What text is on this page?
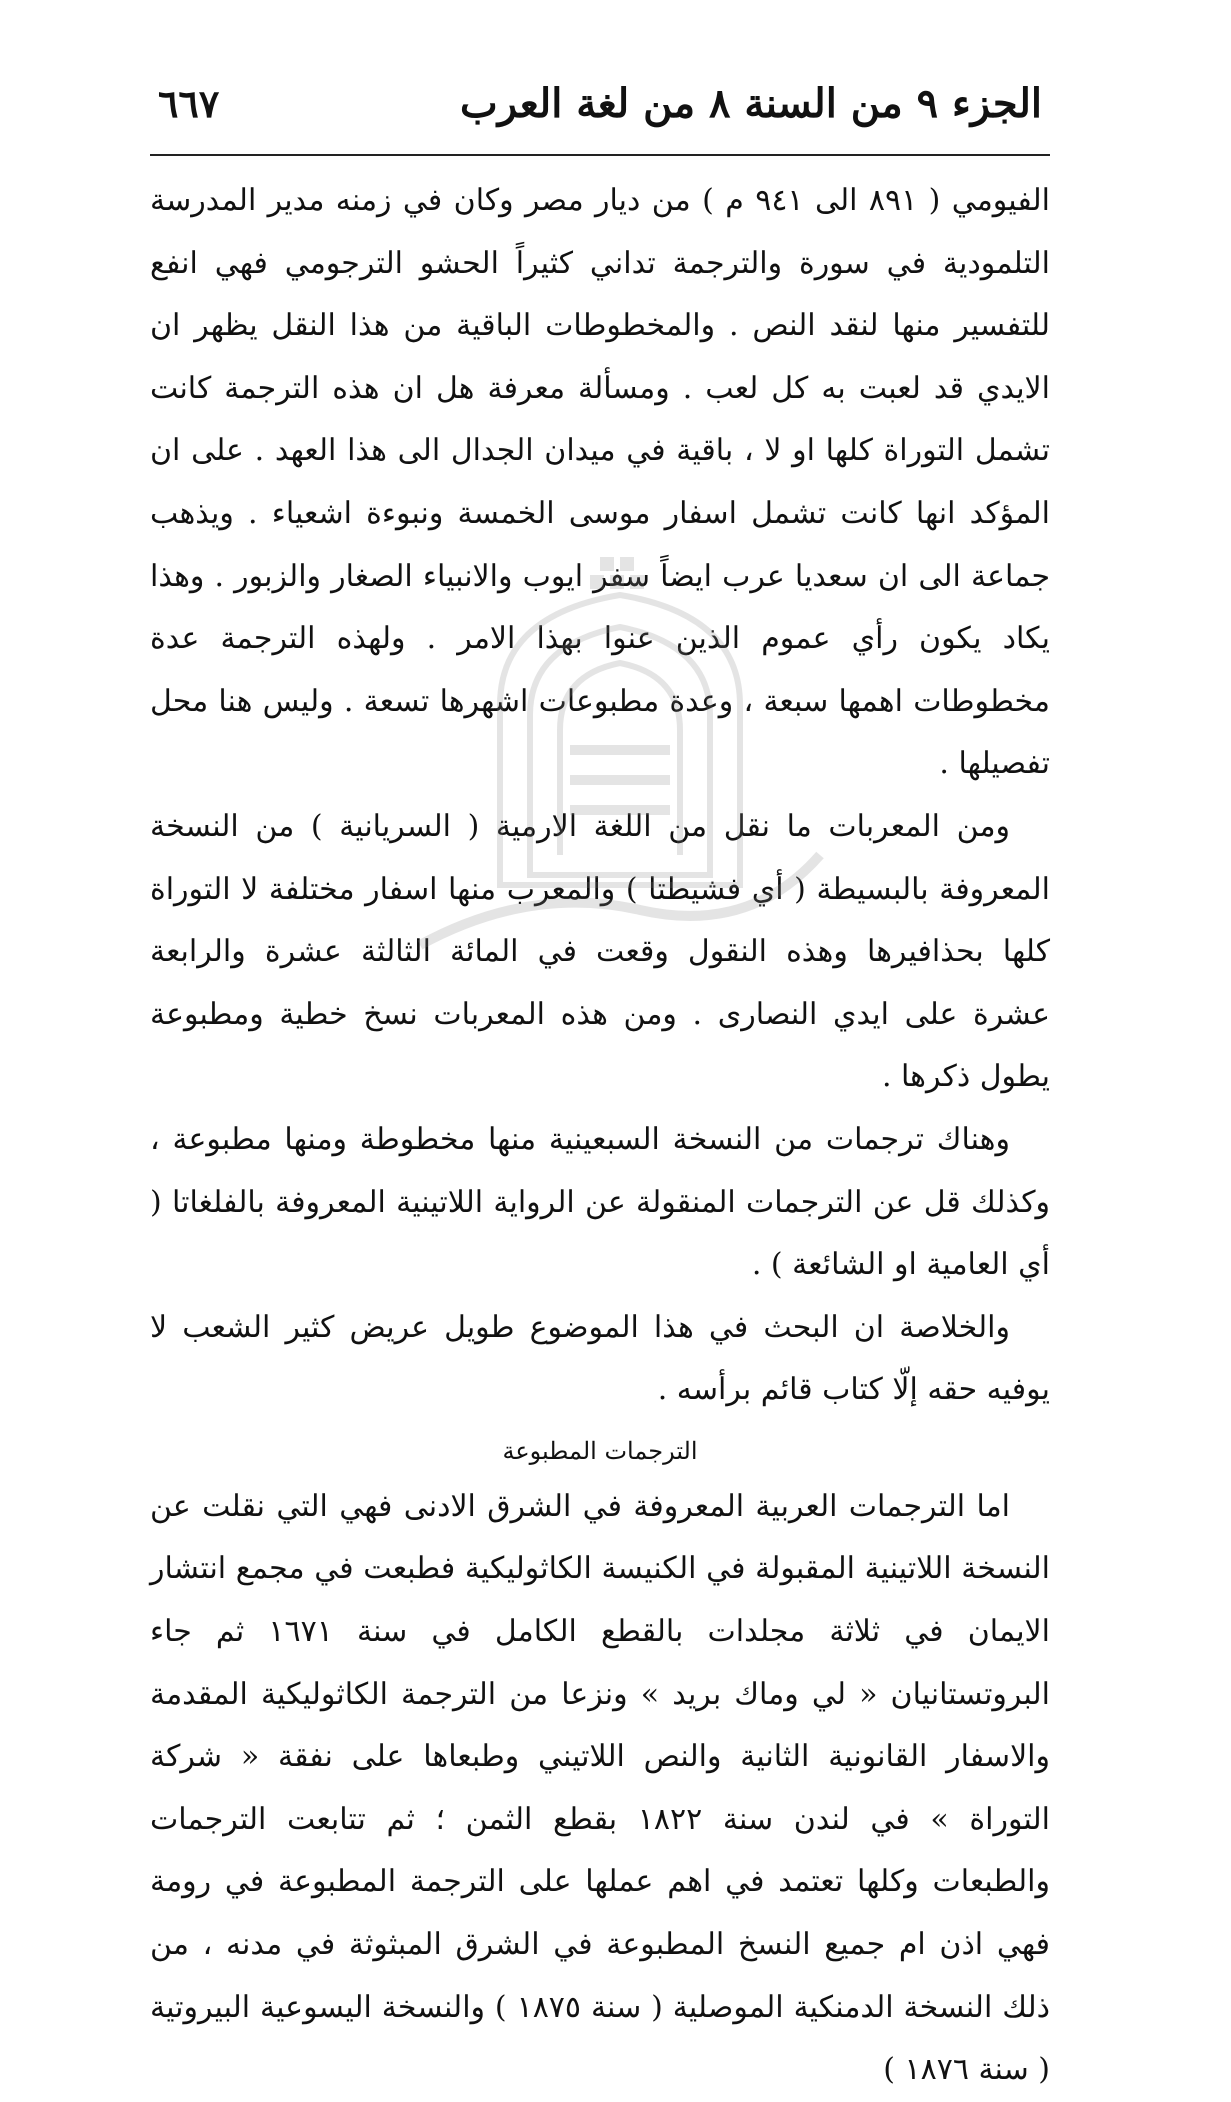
الجزء ٩ من السنة ٨ من لغة العرب
٦٦٧

الفيومي ( ٨٩١ الى ٩٤١ م ) من ديار مصر وكان في زمنه مدير المدرسة التلمودية في سورة والترجمة تداني كثيراً الحشو الترجومي فهي انفع للتفسير منها لنقد النص . والمخطوطات الباقية من هذا النقل يظهر ان الايدي قد لعبت به كل لعب . ومسألة معرفة هل ان هذه الترجمة كانت تشمل التوراة كلها او لا ، باقية في ميدان الجدال الى هذا العهد . على ان المؤكد انها كانت تشمل اسفار موسى الخمسة ونبوءة اشعياء . ويذهب جماعة الى ان سعديا عرب ايضاً سفر ايوب والانبياء الصغار والزبور . وهذا يكاد يكون رأي عموم الذين عنوا بهذا الامر . ولهذه الترجمة عدة مخطوطات اهمها سبعة ، وعدة مطبوعات اشهرها تسعة . وليس هنا محل تفصيلها .

ومن المعربات ما نقل من اللغة الارمية ( السريانية ) من النسخة المعروفة بالبسيطة ( أي فشيطتا ) والمعرب منها اسفار مختلفة لا التوراة كلها بحذافيرها وهذه النقول وقعت في المائة الثالثة عشرة والرابعة عشرة على ايدي النصارى . ومن هذه المعربات نسخ خطية ومطبوعة يطول ذكرها .

وهناك ترجمات من النسخة السبعينية منها مخطوطة ومنها مطبوعة ، وكذلك قل عن الترجمات المنقولة عن الرواية اللاتينية المعروفة بالفلغاتا ( أي العامية او الشائعة ) .

والخلاصة ان البحث في هذا الموضوع طويل عريض كثير الشعب لا يوفيه حقه إلّا كتاب قائم برأسه .

الترجمات المطبوعة

اما الترجمات العربية المعروفة في الشرق الادنى فهي التي نقلت عن النسخة اللاتينية المقبولة في الكنيسة الكاثوليكية فطبعت في مجمع انتشار الايمان في ثلاثة مجلدات بالقطع الكامل في سنة ١٦٧١ ثم جاء البروتستانيان « لي وماك بريد » ونزعا من الترجمة الكاثوليكية المقدمة والاسفار القانونية الثانية والنص اللاتيني وطبعاها على نفقة « شركة التوراة » في لندن سنة ١٨٢٢ بقطع الثمن ؛ ثم تتابعت الترجمات والطبعات وكلها تعتمد في اهم عملها على الترجمة المطبوعة في رومة فهي اذن ام جميع النسخ المطبوعة في الشرق المبثوثة في مدنه ، من ذلك النسخة الدمنكية الموصلية ( سنة ١٨٧٥ ) والنسخة اليسوعية البيروتية ( سنة ١٨٧٦ )
